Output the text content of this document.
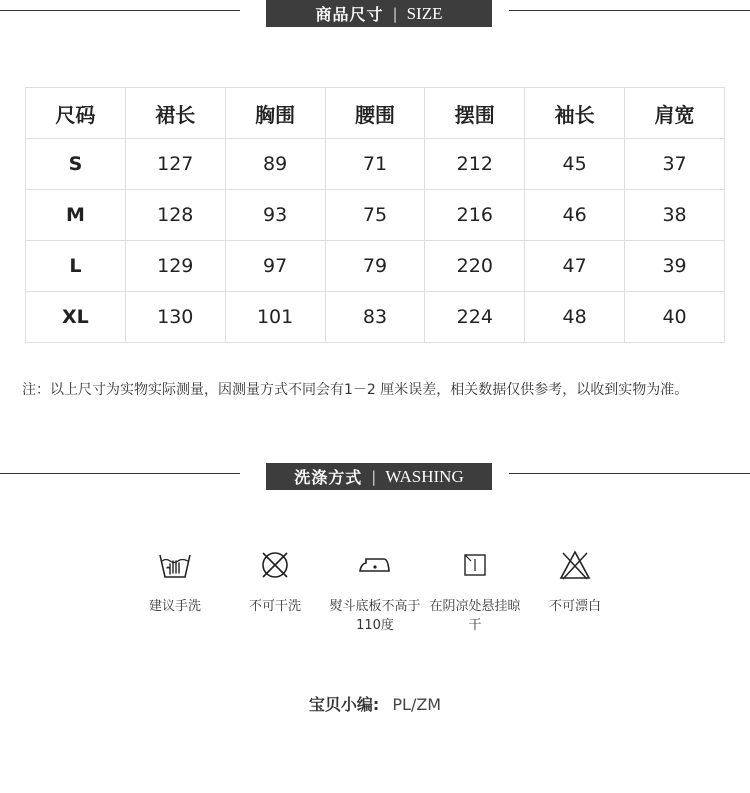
商品尺寸 | SIZE
尺码	裙长	胸围	腰围	摆围	袖长	肩宽
S	127	89	71	212	45	37
M	128	93	75	216	46	38
L	129	97	79	220	47	39
XL	130	101	83	224	48	40
注：以上尺寸为实物实际测量，因测量方式不同会有1－2 厘米误差，相关数据仅供参考，以收到实物为准。
洗涤方式 | WASHING
建议手洗	不可干洗	熨斗底板不高于110度
在阴凉处悬挂晾干
不可漂白
宝贝小编: PL/ZM
